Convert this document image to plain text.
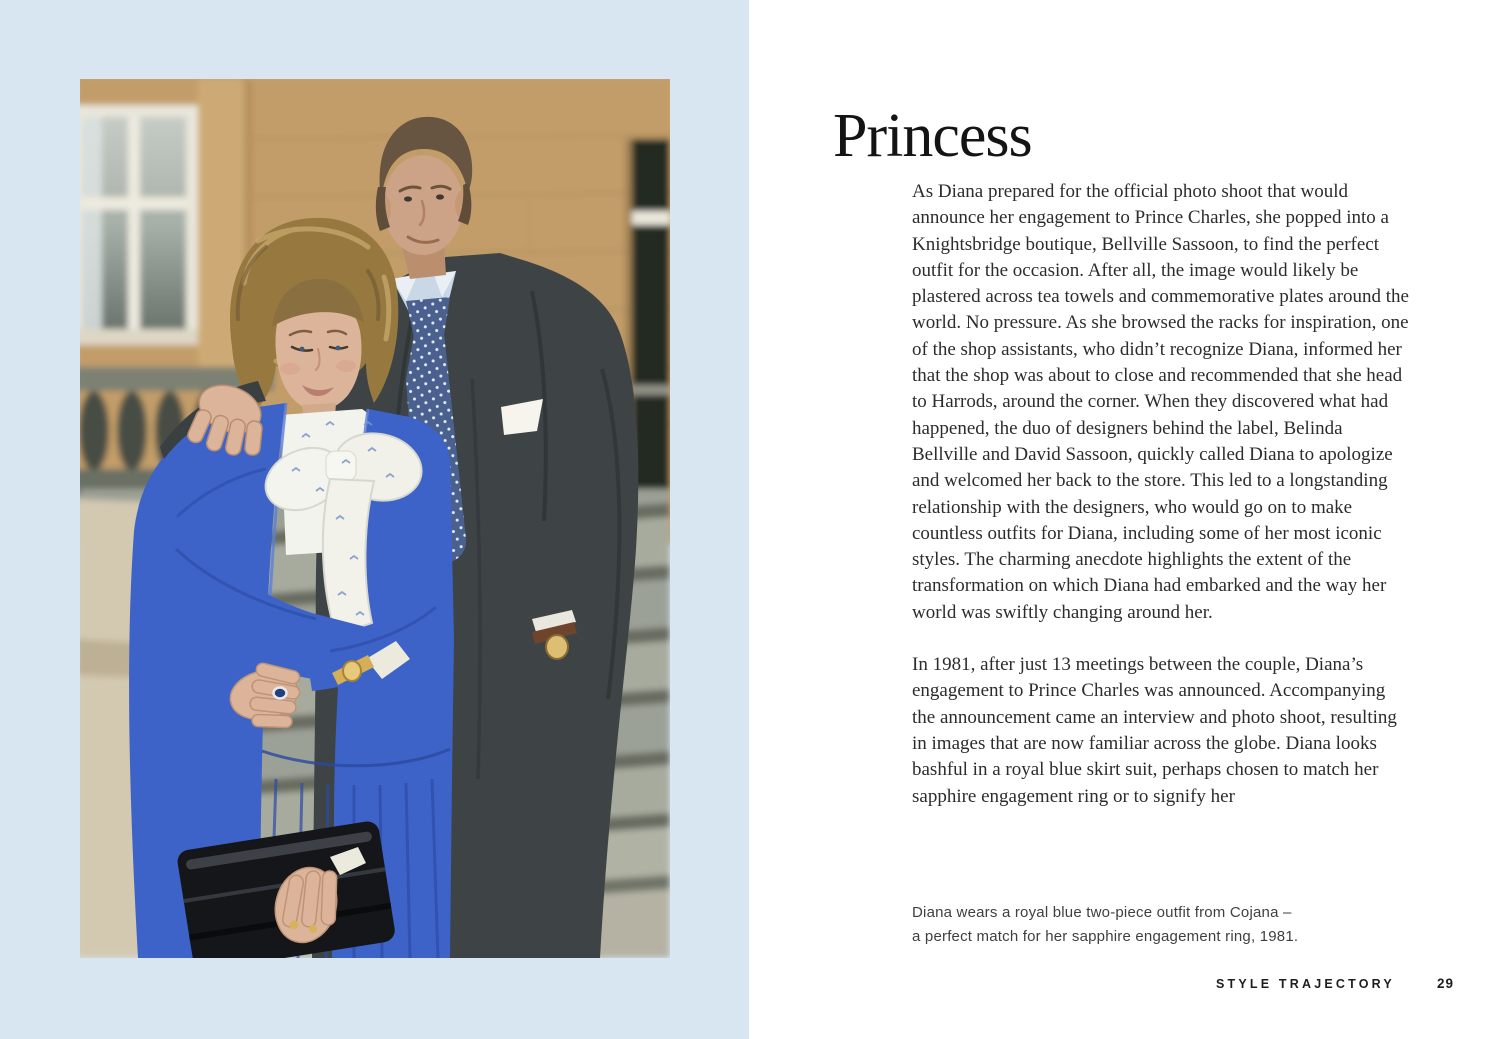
Princess

As Diana prepared for the official photo shoot that would announce her engagement to Prince Charles, she popped into a Knightsbridge boutique, Bellville Sassoon, to find the perfect outfit for the occasion. After all, the image would likely be plastered across tea towels and commemorative plates around the world. No pressure. As she browsed the racks for inspiration, one of the shop assistants, who didn’t recognize Diana, informed her that the shop was about to close and recommended that she head to Harrods, around the corner. When they discovered what had happened, the duo of designers behind the label, Belinda Bellville and David Sassoon, quickly called Diana to apologize and welcomed her back to the store. This led to a longstanding relationship with the designers, who would go on to make countless outfits for Diana, including some of her most iconic styles. The charming anecdote highlights the extent of the transformation on which Diana had embarked and the way her world was swiftly changing around her.

In 1981, after just 13 meetings between the couple, Diana’s engagement to Prince Charles was announced. Accompanying the announcement came an interview and photo shoot, resulting in images that are now familiar across the globe. Diana looks bashful in a royal blue skirt suit, perhaps chosen to match her sapphire engagement ring or to signify her

Diana wears a royal blue two-piece outfit from Cojana –
a perfect match for her sapphire engagement ring, 1981.
STYLE TRAJECTORY	29
